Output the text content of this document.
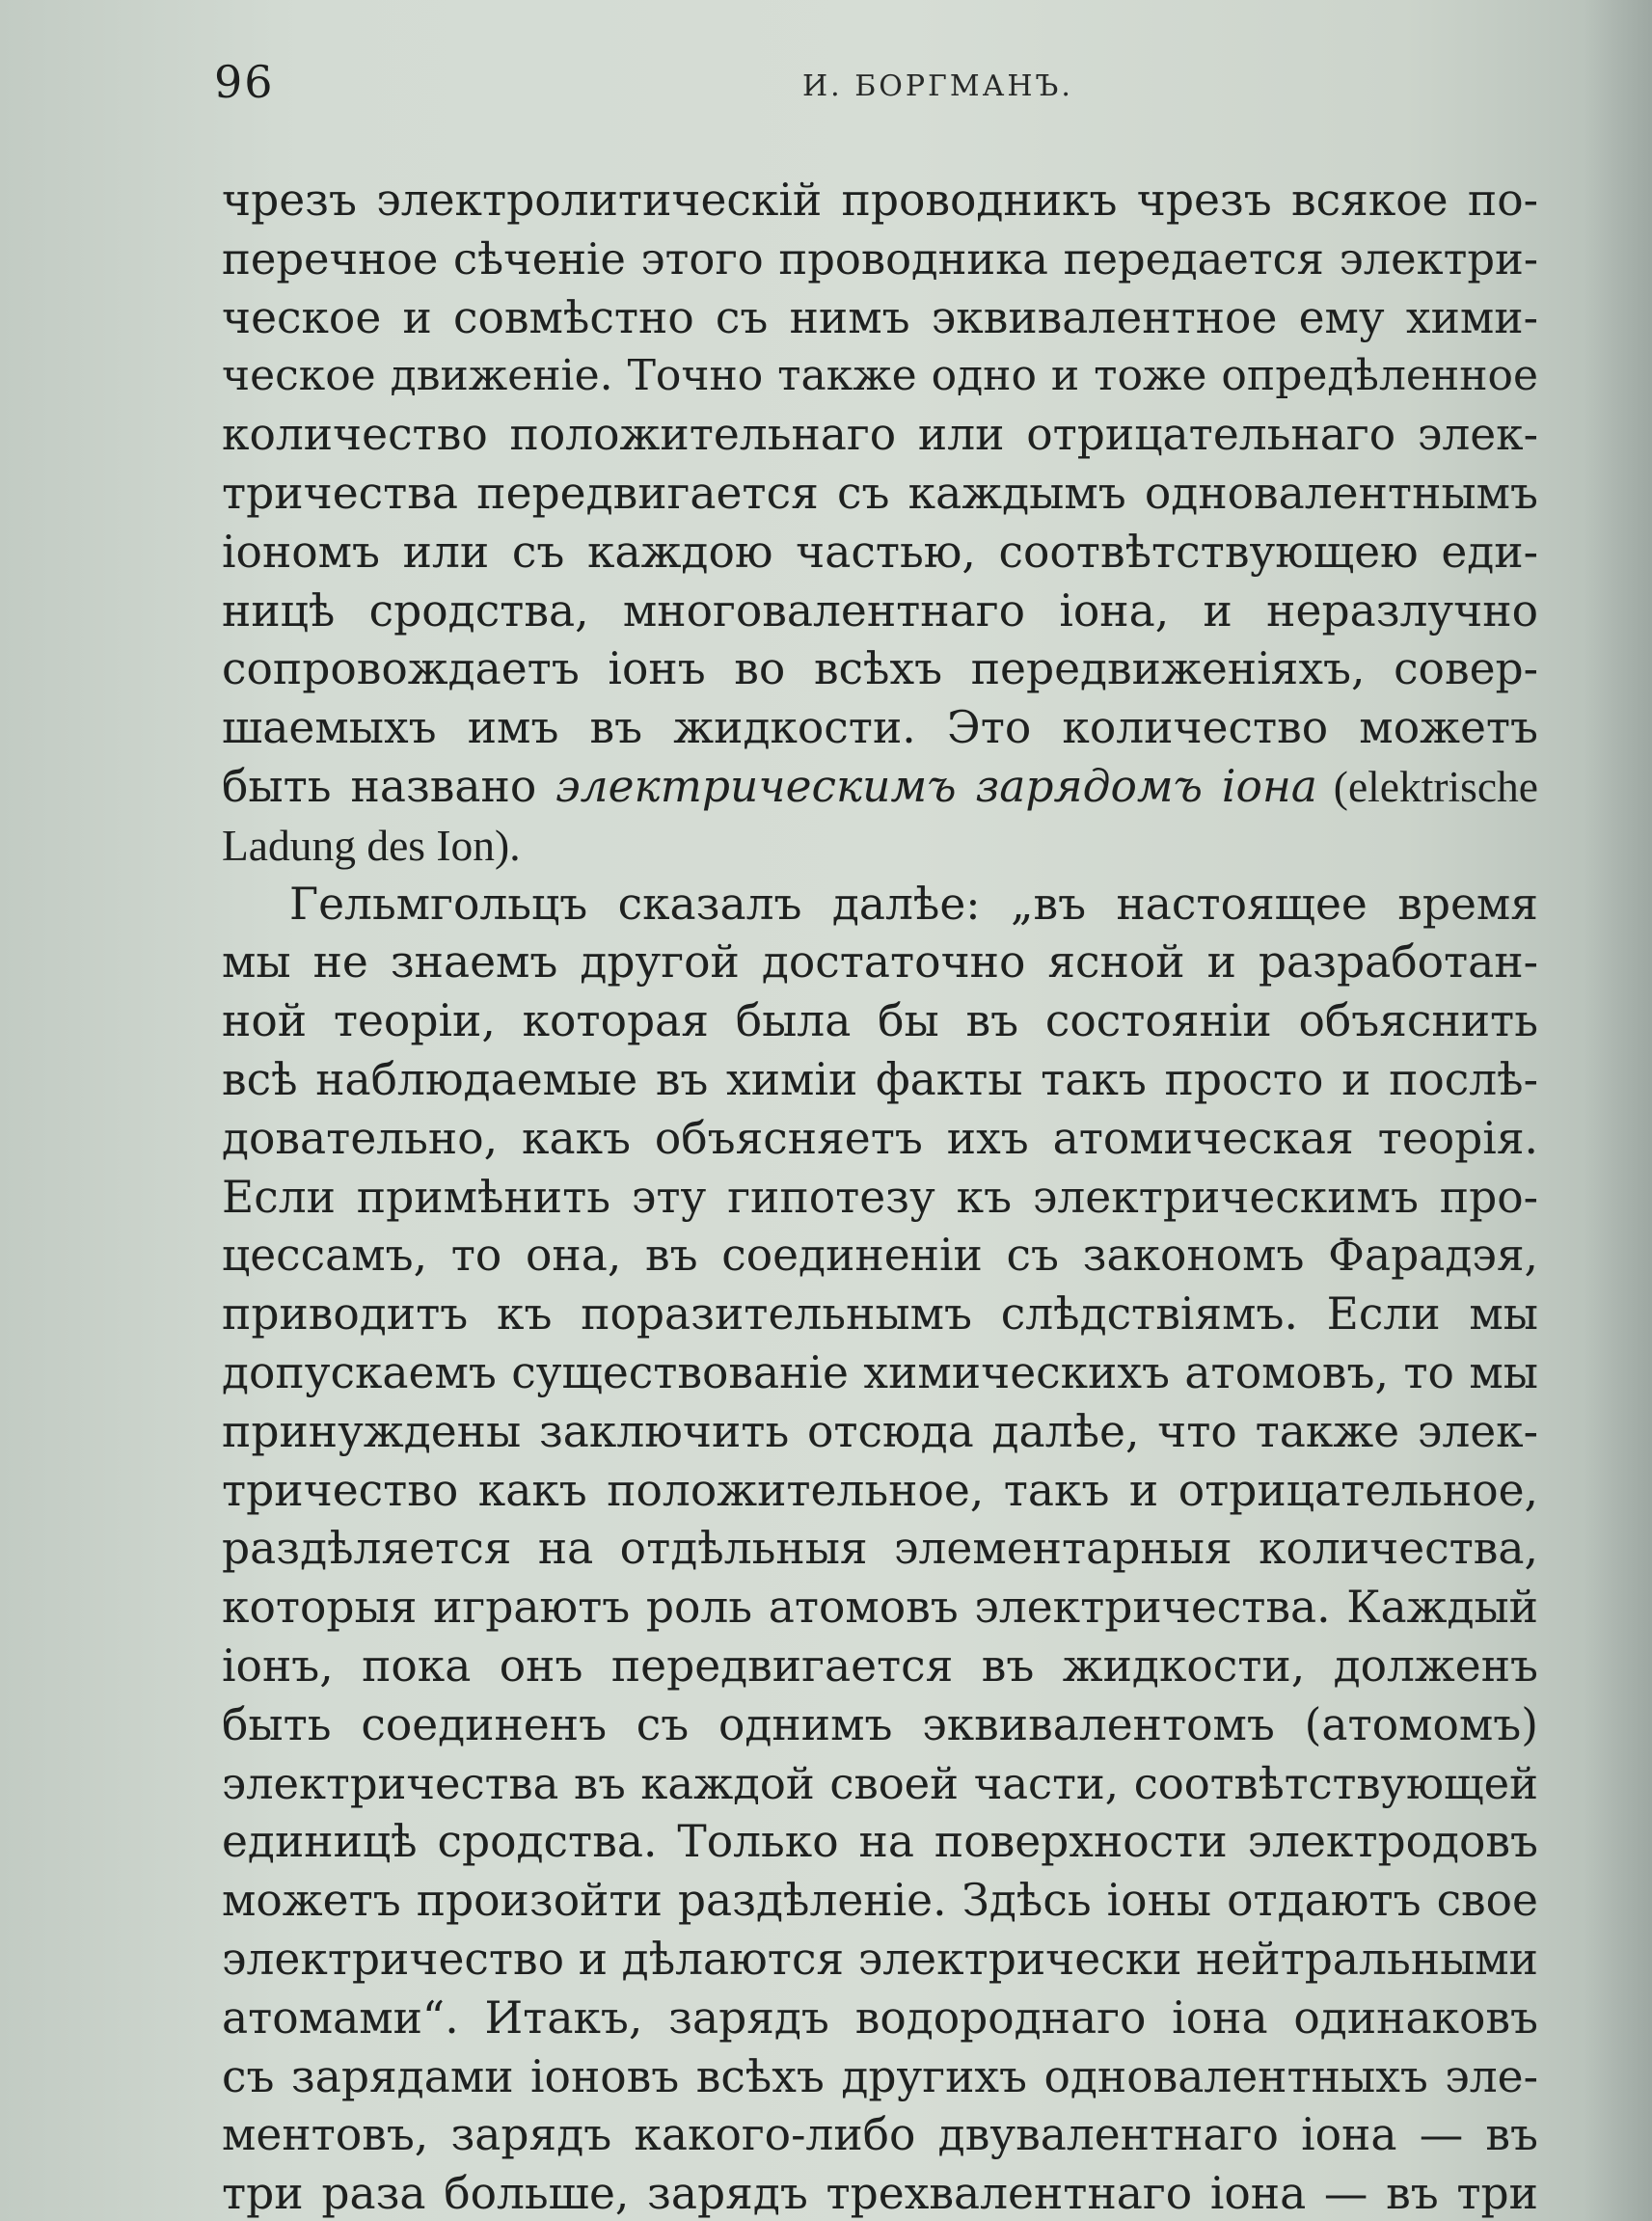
96	И. БОРГМАНЪ.

чрезъ электролитическій проводникъ чрезъ всякое по-
перечное сѣченіе этого проводника передается электри-
ческое и совмѣстно съ нимъ эквивалентное ему хими-
ческое движеніе. Точно также одно и тоже опредѣленное
количество положительнаго или отрицательнаго элек-
тричества передвигается съ каждымъ одновалентнымъ
іономъ или съ каждою частью, соотвѣтствующею еди-
ницѣ сродства, многовалентнаго іона, и неразлучно
сопровождаетъ іонъ во всѣхъ передвиженіяхъ, совер-
шаемыхъ имъ въ жидкости. Это количество можетъ
быть названо электрическимъ зарядомъ іона (elektrische
Ladung des Ion).

Гельмгольцъ сказалъ далѣе: „въ настоящее время
мы не знаемъ другой достаточно ясной и разработан-
ной теоріи, которая была бы въ состояніи объяснить
всѣ наблюдаемые въ химіи факты такъ просто и послѣ-
довательно, какъ объясняетъ ихъ атомическая теорія.
Если примѣнить эту гипотезу къ электрическимъ про-
цессамъ, то она, въ соединеніи съ закономъ Фарадэя,
приводитъ къ поразительнымъ слѣдствіямъ. Если мы
допускаемъ существованіе химическихъ атомовъ, то мы
принуждены заключить отсюда далѣе, что также элек-
тричество какъ положительное, такъ и отрицательное,
раздѣляется на отдѣльныя элементарныя количества,
которыя играютъ роль атомовъ электричества. Каждый
іонъ, пока онъ передвигается въ жидкости, долженъ
быть соединенъ съ однимъ эквивалентомъ (атомомъ)
электричества въ каждой своей части, соотвѣтствующей
единицѣ сродства. Только на поверхности электродовъ
можетъ произойти раздѣленіе. Здѣсь іоны отдаютъ свое
электричество и дѣлаются электрически нейтральными
атомами“. Итакъ, зарядъ водороднаго іона одинаковъ
съ зарядами іоновъ всѣхъ другихъ одновалентныхъ эле-
ментовъ, зарядъ какого-либо двувалентнаго іона — въ
три раза больше, зарядъ трехвалентнаго іона — въ три
